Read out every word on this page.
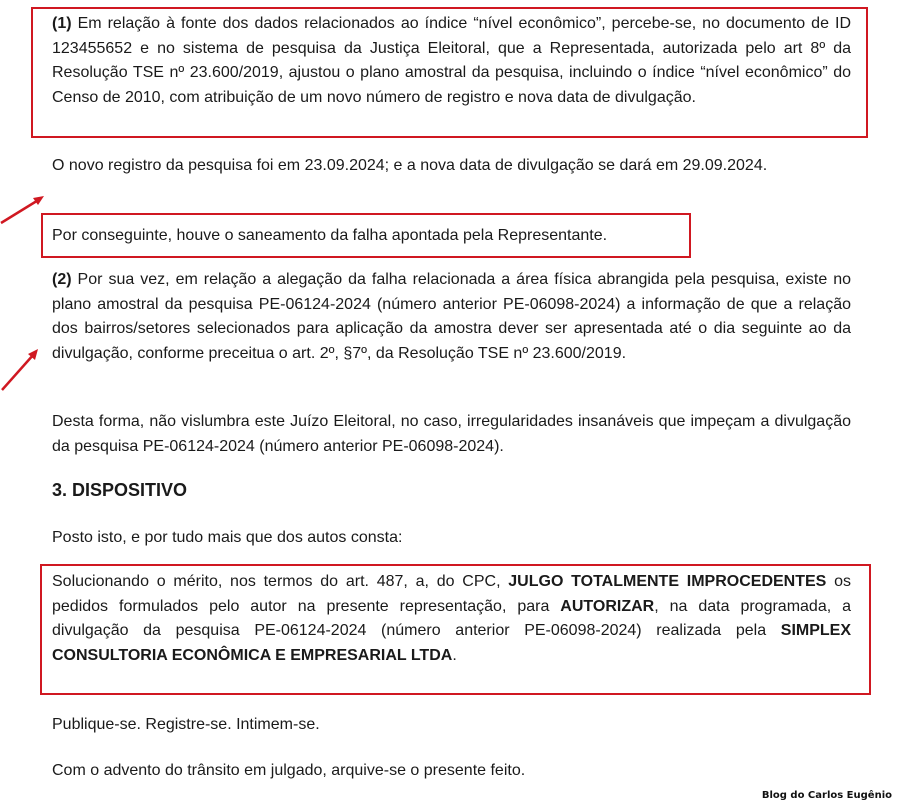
(1) Em relação à fonte dos dados relacionados ao índice “nível econômico”, percebe-se, no documento de ID 123455652 e no sistema de pesquisa da Justiça Eleitoral, que a Representada, autorizada pelo art 8º da Resolução TSE nº 23.600/2019, ajustou o plano amostral da pesquisa, incluindo o índice “nível econômico” do Censo de 2010, com atribuição de um novo número de registro e nova data de divulgação.

O novo registro da pesquisa foi em 23.09.2024; e a nova data de divulgação se dará em 29.09.2024.

Por conseguinte, houve o saneamento da falha apontada pela Representante.

(2) Por sua vez, em relação a alegação da falha relacionada a área física abrangida pela pesquisa, existe no plano amostral da pesquisa PE-06124-2024 (número anterior PE-06098-2024) a informação de que a relação dos bairros/setores selecionados para aplicação da amostra dever ser apresentada até o dia seguinte ao da divulgação, conforme preceitua o art. 2º, §7º, da Resolução TSE nº 23.600/2019.

Desta forma, não vislumbra este Juízo Eleitoral, no caso, irregularidades insanáveis que impeçam a divulgação da pesquisa PE-06124-2024 (número anterior PE-06098-2024).

3. DISPOSITIVO

Posto isto, e por tudo mais que dos autos consta:

Solucionando o mérito, nos termos do art. 487, a, do CPC, JULGO TOTALMENTE IMPROCEDENTES os pedidos formulados pelo autor na presente representação, para AUTORIZAR, na data programada, a divulgação da pesquisa PE-06124-2024 (número anterior PE-06098-2024) realizada pela SIMPLEX CONSULTORIA ECONÔMICA E EMPRESARIAL LTDA.

Publique-se. Registre-se. Intimem-se.

Com o advento do trânsito em julgado, arquive-se o presente feito.

Blog do Carlos Eugênio
